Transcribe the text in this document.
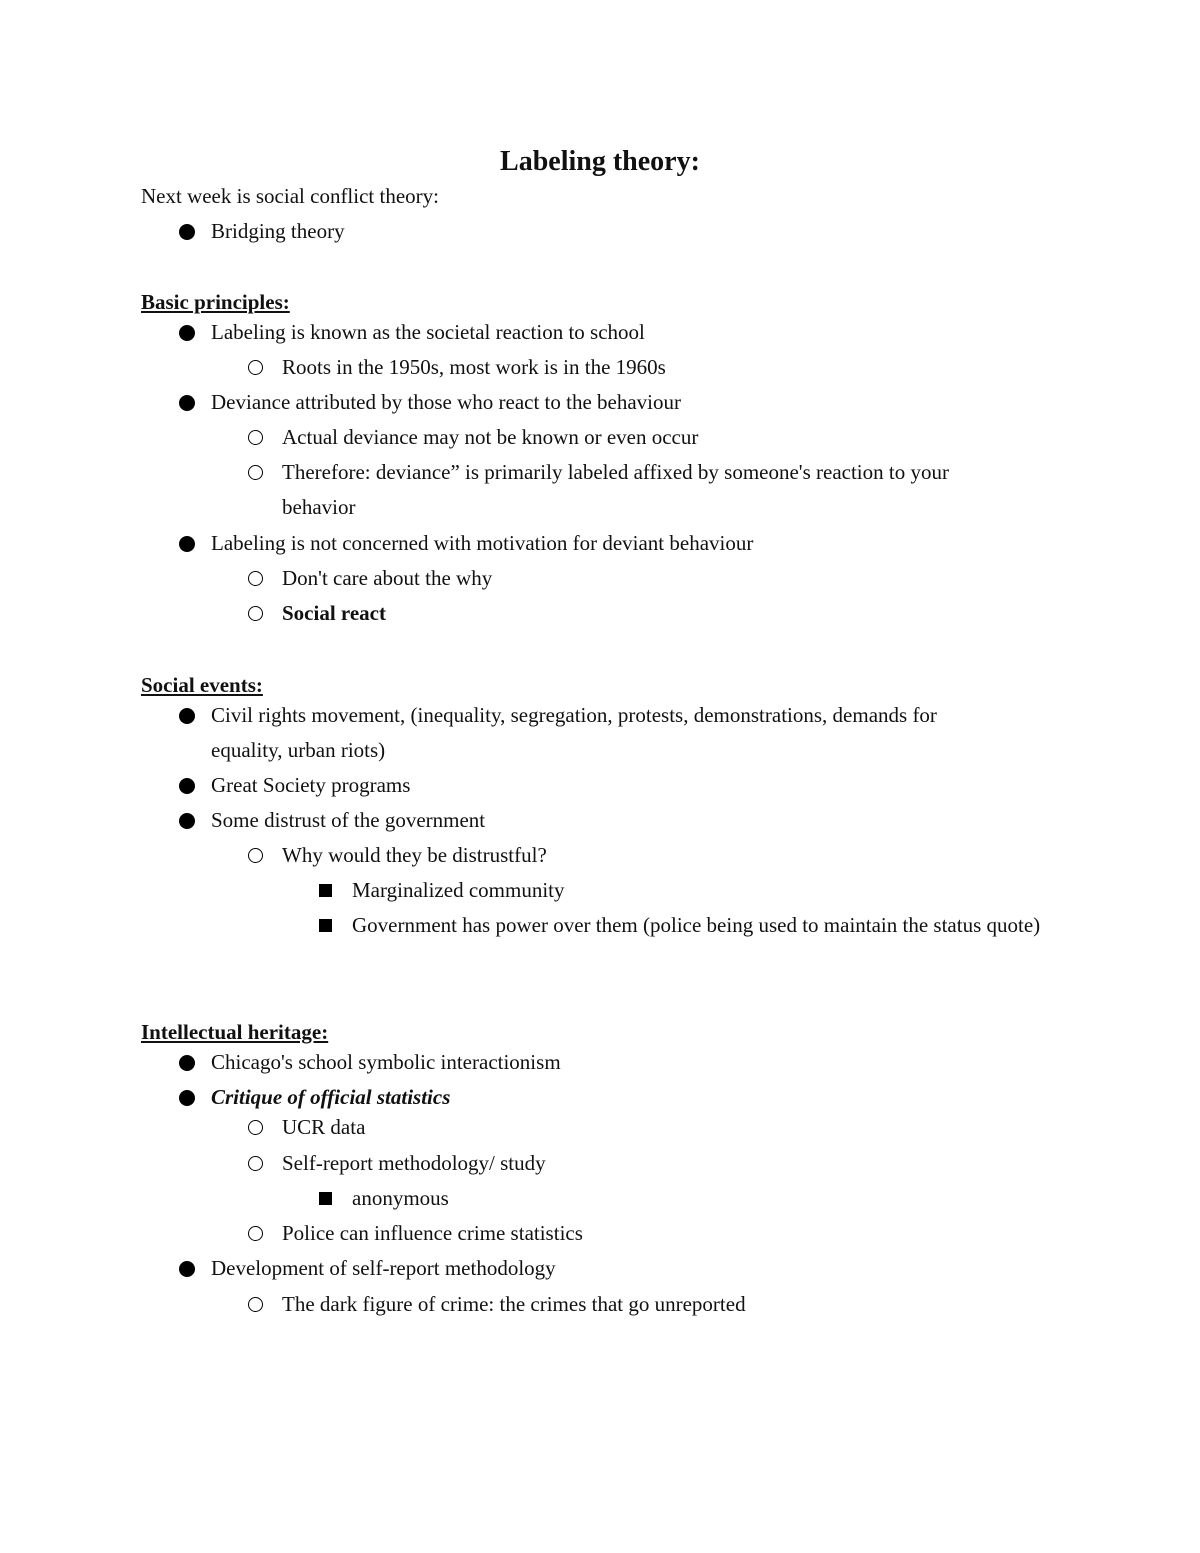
Labeling theory:
Next week is social conflict theory:
Bridging theory
Basic principles:
Labeling is known as the societal reaction to school
Roots in the 1950s, most work is in the 1960s
Deviance attributed by those who react to the behaviour
Actual deviance may not be known or even occur
Therefore: deviance” is primarily labeled affixed by someone's reaction to your behavior
Labeling is not concerned with motivation for deviant behaviour
Don't care about the why
Social react
Social events:
Civil rights movement, (inequality, segregation, protests, demonstrations, demands for equality, urban riots)
Great Society programs
Some distrust of the government
Why would they be distrustful?
Marginalized community
Government has power over them (police being used to maintain the status quote)
Intellectual heritage:
Chicago's school symbolic interactionism
Critique of official statistics
UCR data
Self-report methodology/ study
anonymous
Police can influence crime statistics
Development of self-report methodology
The dark figure of crime: the crimes that go unreported
